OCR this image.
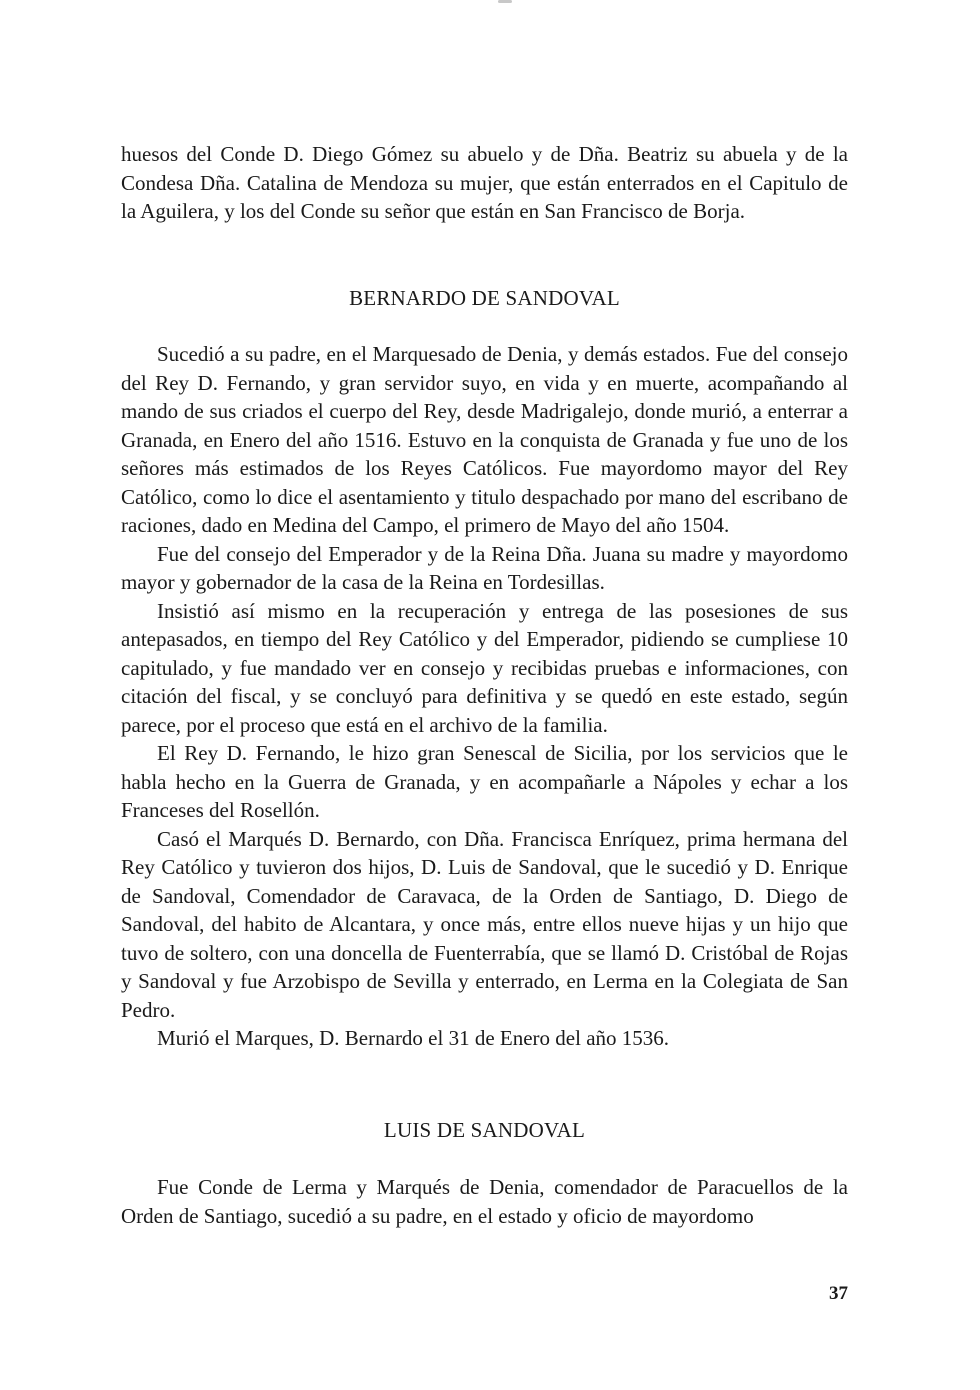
huesos del Conde D. Diego Gómez su abuelo y de Dña. Beatriz su abuela y de la Condesa Dña. Catalina de Mendoza su mujer, que están enterrados en el Capitulo de la Aguilera, y los del Conde su señor que están en San Francisco de Borja.

BERNARDO DE SANDOVAL

Sucedió a su padre, en el Marquesado de Denia, y demás estados. Fue del consejo del Rey D. Fernando, y gran servidor suyo, en vida y en muerte, acompañando al mando de sus criados el cuerpo del Rey, desde Madrigalejo, donde murió, a enterrar a Granada, en Enero del año 1516. Estuvo en la conquista de Granada y fue uno de los señores más estimados de los Reyes Católicos. Fue mayordomo mayor del Rey Católico, como lo dice el asentamiento y titulo despachado por mano del escribano de raciones, dado en Medina del Campo, el primero de Mayo del año 1504.

Fue del consejo del Emperador y de la Reina Dña. Juana su madre y mayordomo mayor y gobernador de la casa de la Reina en Tordesillas.

Insistió así mismo en la recuperación y entrega de las posesiones de sus antepasados, en tiempo del Rey Católico y del Emperador, pidiendo se cumpliese 10 capitulado, y fue mandado ver en consejo y recibidas pruebas e informaciones, con citación del fiscal, y se concluyó para definitiva y se quedó en este estado, según parece, por el proceso que está en el archivo de la familia.

El Rey D. Fernando, le hizo gran Senescal de Sicilia, por los servicios que le habla hecho en la Guerra de Granada, y en acompañarle a Nápoles y echar a los Franceses del Rosellón.

Casó el Marqués D. Bernardo, con Dña. Francisca Enríquez, prima hermana del Rey Católico y tuvieron dos hijos, D. Luis de Sandoval, que le sucedió y D. Enrique de Sandoval, Comendador de Caravaca, de la Orden de Santiago, D. Diego de Sandoval, del habito de Alcantara, y once más, entre ellos nueve hijas y un hijo que tuvo de soltero, con una doncella de Fuenterrabía, que se llamó D. Cristóbal de Rojas y Sandoval y fue Arzobispo de Sevilla y enterrado, en Lerma en la Colegiata de San Pedro.

Murió el Marques, D. Bernardo el 31 de Enero del año 1536.

LUIS DE SANDOVAL

Fue Conde de Lerma y Marqués de Denia, comendador de Paracuellos de la Orden de Santiago, sucedió a su padre, en el estado y oficio de mayordomo

37
